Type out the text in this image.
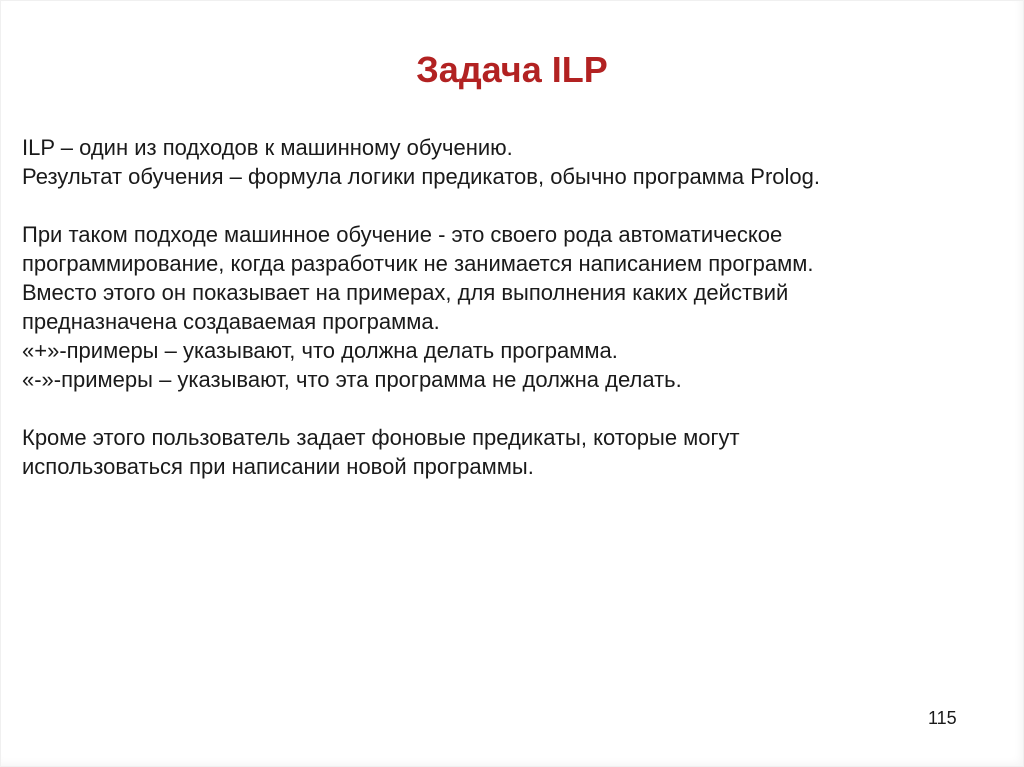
Задача ILP

ILP – один из подходов к машинному обучению.
Результат обучения – формула логики предикатов, обычно программа Prolog.

При таком подходе машинное обучение - это своего рода автоматическое
программирование, когда разработчик не занимается написанием программ.
Вместо этого он показывает на примерах, для выполнения каких действий
предназначена создаваемая программа.
«+»-примеры – указывают, что должна делать программа.
«-»-примеры – указывают, что эта программа не должна делать.

Кроме этого пользователь задает фоновые предикаты, которые могут
использоваться при написании новой программы.

115
